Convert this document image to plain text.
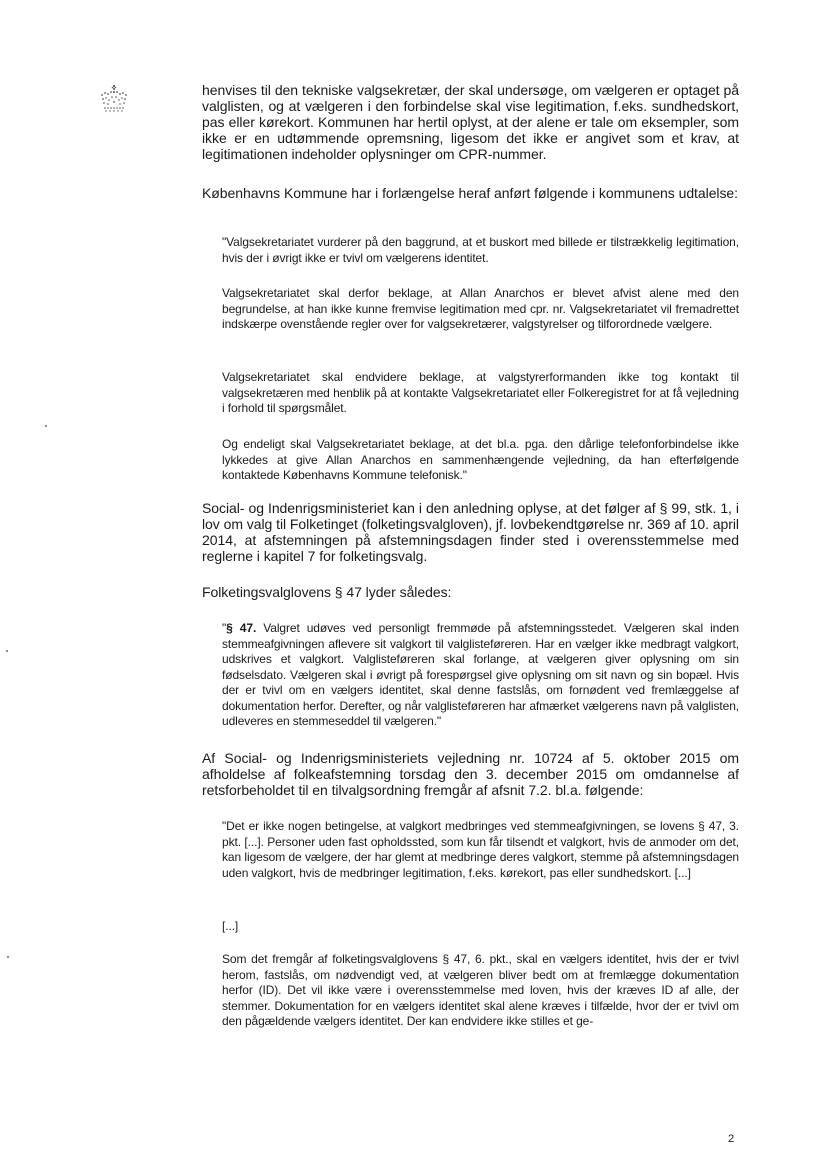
henvises til den tekniske valgsekretær, der skal undersøge, om vælgeren er optaget på valglisten, og at vælgeren i den forbindelse skal vise legitimation, f.eks. sundhedskort, pas eller kørekort. Kommunen har hertil oplyst, at der alene er tale om eksempler, som ikke er en udtømmende opremsning, ligesom det ikke er angivet som et krav, at legitimationen indeholder oplysninger om CPR-nummer.
Københavns Kommune har i forlængelse heraf anført følgende i kommunens udtalelse:
"Valgsekretariatet vurderer på den baggrund, at et buskort med billede er tilstrækkelig legitimation, hvis der i øvrigt ikke er tvivl om vælgerens identitet.
Valgsekretariatet skal derfor beklage, at Allan Anarchos er blevet afvist alene med den begrundelse, at han ikke kunne fremvise legitimation med cpr. nr. Valgsekretariatet vil fremadrettet indskærpe ovenstående regler over for valgsekretærer, valgstyrelser og tilforordnede vælgere.
Valgsekretariatet skal endvidere beklage, at valgstyrerformanden ikke tog kontakt til valgsekretæren med henblik på at kontakte Valgsekretariatet eller Folkeregistret for at få vejledning i forhold til spørgsmålet.
Og endeligt skal Valgsekretariatet beklage, at det bl.a. pga. den dårlige telefonforbindelse ikke lykkedes at give Allan Anarchos en sammenhængende vejledning, da han efterfølgende kontaktede Københavns Kommune telefonisk."
Social- og Indenrigsministeriet kan i den anledning oplyse, at det følger af § 99, stk. 1, i lov om valg til Folketinget (folketingsvalgloven), jf. lovbekendtgørelse nr. 369 af 10. april 2014, at afstemningen på afstemningsdagen finder sted i overensstemmelse med reglerne i kapitel 7 for folketingsvalg.
Folketingsvalglovens § 47 lyder således:
"§ 47. Valgret udøves ved personligt fremmøde på afstemningsstedet. Vælgeren skal inden stemmeafgivningen aflevere sit valgkort til valglisteføreren. Har en vælger ikke medbragt valgkort, udskrives et valgkort. Valglisteføreren skal forlange, at vælgeren giver oplysning om sin fødselsdato. Vælgeren skal i øvrigt på forespørgsel give oplysning om sit navn og sin bopæl. Hvis der er tvivl om en vælgers identitet, skal denne fastslås, om fornødent ved fremlæggelse af dokumentation herfor. Derefter, og når valglisteføreren har afmærket vælgerens navn på valglisten, udleveres en stemmeseddel til vælgeren."
Af Social- og Indenrigsministeriets vejledning nr. 10724 af 5. oktober 2015 om afholdelse af folkeafstemning torsdag den 3. december 2015 om omdannelse af retsforbeholdet til en tilvalgsordning fremgår af afsnit 7.2. bl.a. følgende:
"Det er ikke nogen betingelse, at valgkort medbringes ved stemmeafgivningen, se lovens § 47, 3. pkt. [...]. Personer uden fast opholdssted, som kun får tilsendt et valgkort, hvis de anmoder om det, kan ligesom de vælgere, der har glemt at medbringe deres valgkort, stemme på afstemningsdagen uden valgkort, hvis de medbringer legitimation, f.eks. kørekort, pas eller sundhedskort. [...]
[...]
Som det fremgår af folketingsvalglovens § 47, 6. pkt., skal en vælgers identitet, hvis der er tvivl herom, fastslås, om nødvendigt ved, at vælgeren bliver bedt om at fremlægge dokumentation herfor (ID). Det vil ikke være i overensstemmelse med loven, hvis der kræves ID af alle, der stemmer. Dokumentation for en vælgers identitet skal alene kræves i tilfælde, hvor der er tvivl om den pågældende vælgers identitet. Der kan endvidere ikke stilles et ge-
2
